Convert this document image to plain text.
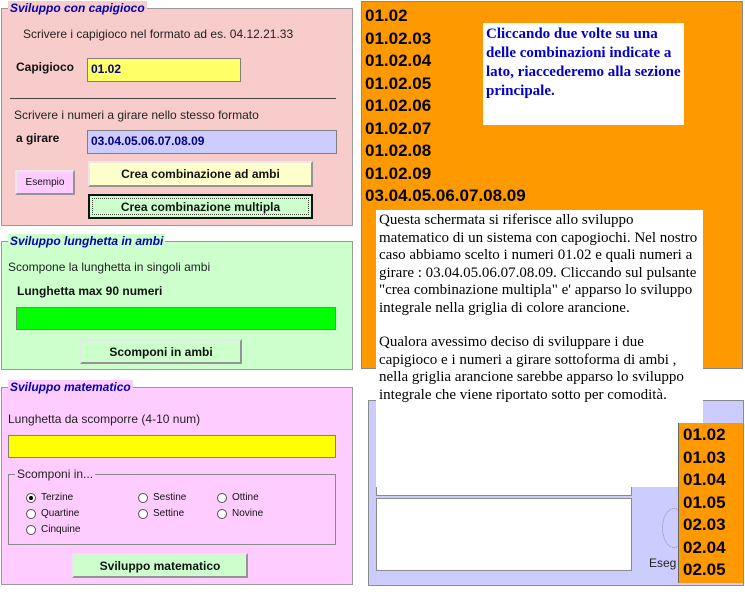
Sviluppo con capigioco
Scrivere i capigioco nel formato ad es. 04.12.21.33
Capigioco	01.02
Scrivere i numeri a girare nello stesso formato
a girare	03.04.05.06.07.08.09
Esempio
Crea combinazione ad ambi
Crea combinazione multipla
Sviluppo lunghetta in ambi
Scompone la lunghetta in singoli ambi
Lunghetta max 90 numeri
Scomponi in ambi
Sviluppo matematico
Lunghetta da scomporre (4-10 num)
Scomponi in...
Terzine	Sestine	Ottine
Quartine	Settine	Novine
Cinquine
Sviluppo matematico
01.02
01.02.03
01.02.04
01.02.05
01.02.06
01.02.07
01.02.08
01.02.09
03.04.05.06.07.08.09
Cliccando due volte su una delle combinazioni indicate a lato, riaccederemo alla sezione principale.
Eseg

Questa schermata si riferisce allo sviluppo matematico di un sistema con capogiochi. Nel nostro caso abbiamo scelto i numeri 01.02 e quali numeri a girare : 03.04.05.06.07.08.09. Cliccando sul pulsante "crea combinazione multipla" e' apparso lo sviluppo integrale nella griglia di colore arancione.

Qualora avessimo deciso di sviluppare i due capigioco e i numeri a girare sottoforma di ambi , nella griglia arancione sarebbe apparso lo sviluppo integrale che viene riportato sotto per comodità.

01.02
01.03
01.04
01.05
02.03
02.04
02.05
